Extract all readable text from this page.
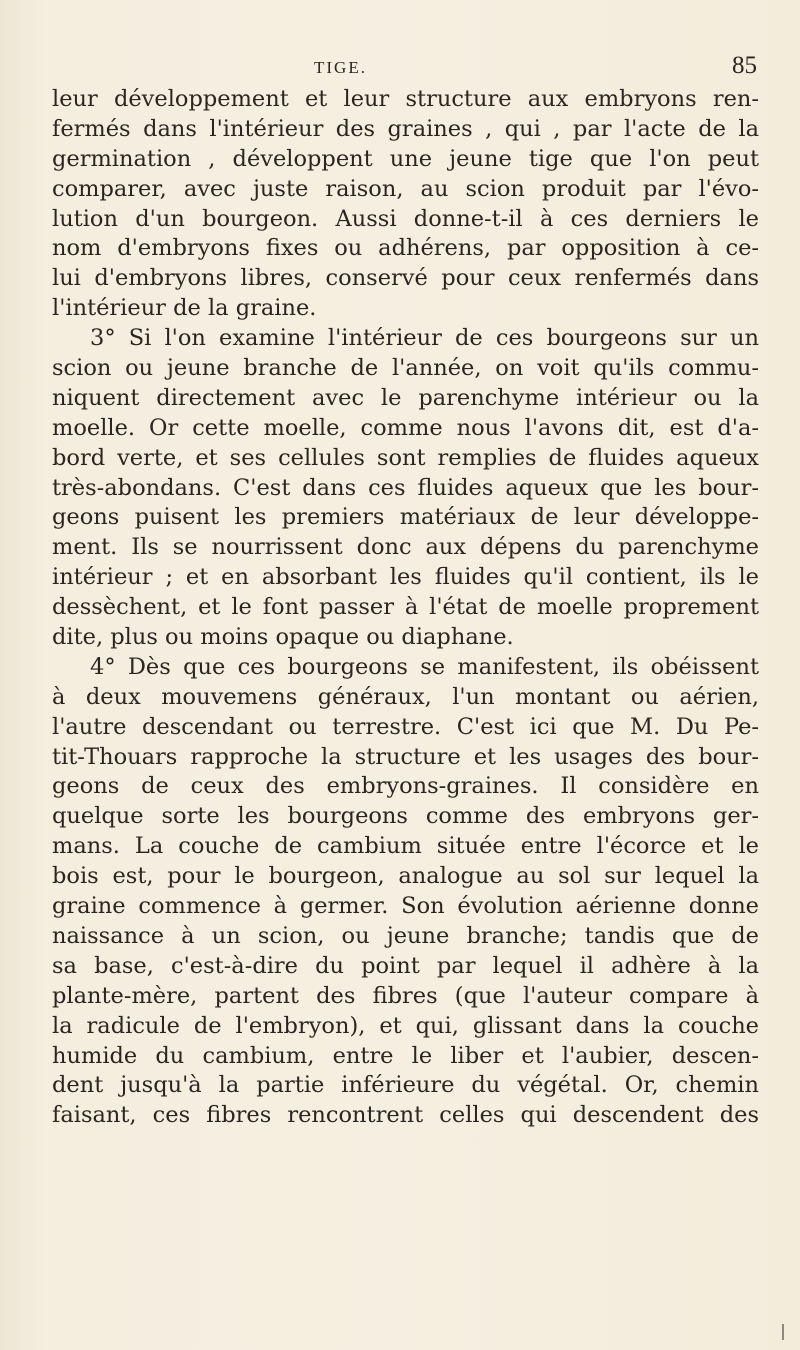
TIGE.	85
leur développement et leur structure aux embryons ren-
fermés dans l'intérieur des graines , qui , par l'acte de la
germination , développent une jeune tige que l'on peut
comparer, avec juste raison, au scion produit par l'évo-
lution d'un bourgeon. Aussi donne-t-il à ces derniers le
nom d'embryons fixes ou adhérens, par opposition à ce-
lui d'embryons libres, conservé pour ceux renfermés dans
l'intérieur de la graine.
3° Si l'on examine l'intérieur de ces bourgeons sur un
scion ou jeune branche de l'année, on voit qu'ils commu-
niquent directement avec le parenchyme intérieur ou la
moelle. Or cette moelle, comme nous l'avons dit, est d'a-
bord verte, et ses cellules sont remplies de fluides aqueux
très-abondans. C'est dans ces fluides aqueux que les bour-
geons puisent les premiers matériaux de leur développe-
ment. Ils se nourrissent donc aux dépens du parenchyme
intérieur ; et en absorbant les fluides qu'il contient, ils le
dessèchent, et le font passer à l'état de moelle proprement
dite, plus ou moins opaque ou diaphane.
4° Dès que ces bourgeons se manifestent, ils obéissent
à deux mouvemens généraux, l'un montant ou aérien,
l'autre descendant ou terrestre. C'est ici que M. Du Pe-
tit-Thouars rapproche la structure et les usages des bour-
geons de ceux des embryons-graines. Il considère en
quelque sorte les bourgeons comme des embryons ger-
mans. La couche de cambium située entre l'écorce et le
bois est, pour le bourgeon, analogue au sol sur lequel la
graine commence à germer. Son évolution aérienne donne
naissance à un scion, ou jeune branche; tandis que de
sa base, c'est-à-dire du point par lequel il adhère à la
plante-mère, partent des fibres (que l'auteur compare à
la radicule de l'embryon), et qui, glissant dans la couche
humide du cambium, entre le liber et l'aubier, descen-
dent jusqu'à la partie inférieure du végétal. Or, chemin
faisant, ces fibres rencontrent celles qui descendent des
